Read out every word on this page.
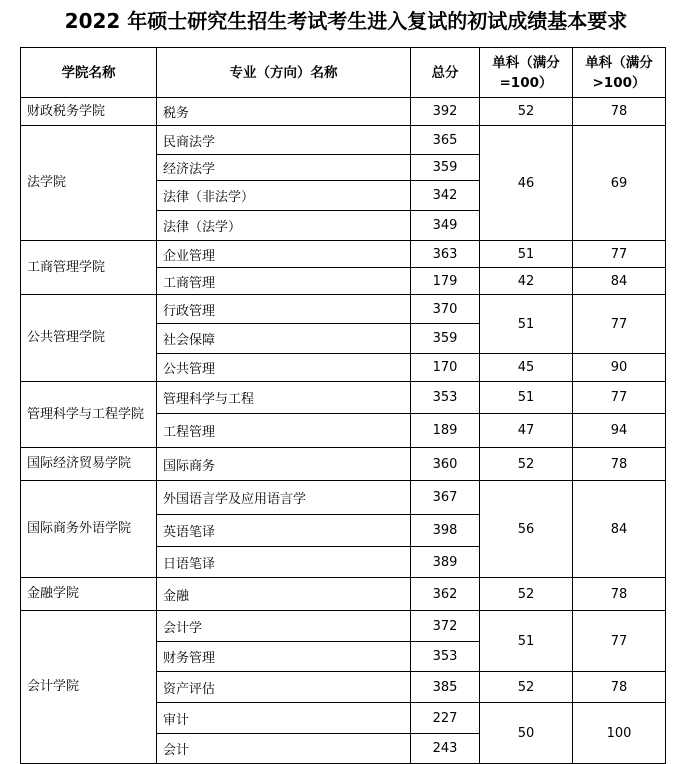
2022 年硕士研究生招生考试考生进入复试的初试成绩基本要求
学院名称	专业（方向）名称	总分	单科（满分=100）	单科（满分>100）
财政税务学院	税务	392	52	78
法学院	民商法学	365	46	69
	经济法学	359		
	法律（非法学）	342		
	法律（法学）	349		
工商管理学院	企业管理	363	51	77
	工商管理	179	42	84
公共管理学院	行政管理	370	51	77
	社会保障	359		
	公共管理	170	45	90
管理科学与工程学院	管理科学与工程	353	51	77
	工程管理	189	47	94
国际经济贸易学院	国际商务	360	52	78
国际商务外语学院	外国语言学及应用语言学	367	56	84
	英语笔译	398		
	日语笔译	389		
金融学院	金融	362	52	78
会计学院	会计学	372	51	77
	财务管理	353		
	资产评估	385	52	78
	审计	227	50	100
	会计	243		
